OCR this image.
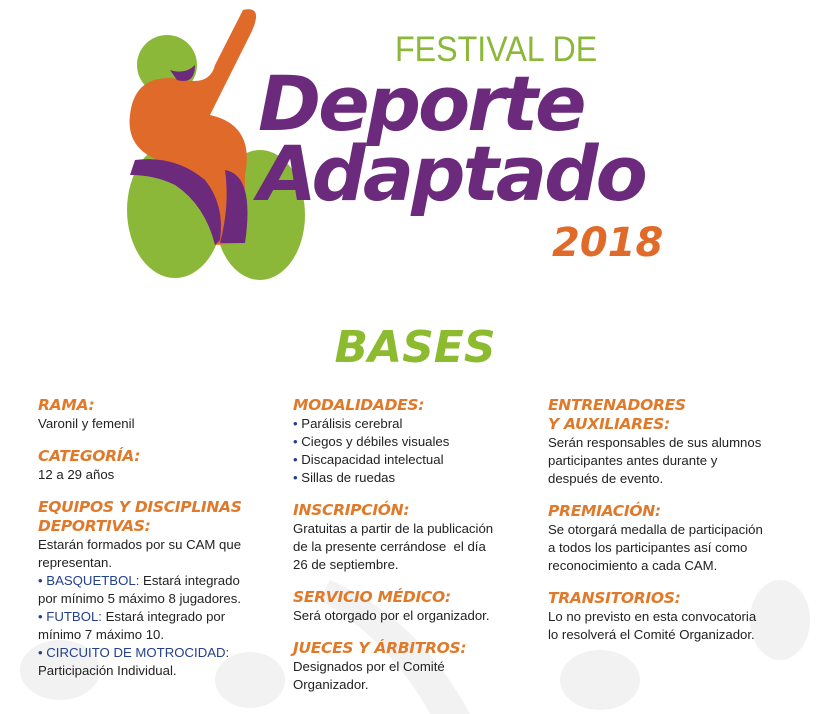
FESTIVAL DE
Deporte
Adaptado
2018
BASES
RAMA:
Varonil y femenil
CATEGORÍA:
12 a 29 años
EQUIPOS Y DISCIPLINAS
DEPORTIVAS:
Estarán formados por su CAM que
representan.
• BASQUETBOL: Estará integrado
por mínimo 5 máximo 8 jugadores.
• FUTBOL: Estará integrado por
mínimo 7 máximo 10.
• CIRCUITO DE MOTROCIDAD:
Participación Individual.
MODALIDADES:
• Parálisis cerebral
• Ciegos y débiles visuales
• Discapacidad intelectual
• Sillas de ruedas
INSCRIPCIÓN:
Gratuitas a partir de la publicación
de la presente cerrándose  el día
26 de septiembre.
SERVICIO MÉDICO:
Será otorgado por el organizador.
JUECES Y ÁRBITROS:
Designados por el Comité
Organizador.
ENTRENADORES
Y AUXILIARES:
Serán responsables de sus alumnos
participantes antes durante y
después de evento.
PREMIACIÓN:
Se otorgará medalla de participación
a todos los participantes así como
reconocimiento a cada CAM.
TRANSITORIOS:
Lo no previsto en esta convocatoria
lo resolverá el Comité Organizador.
